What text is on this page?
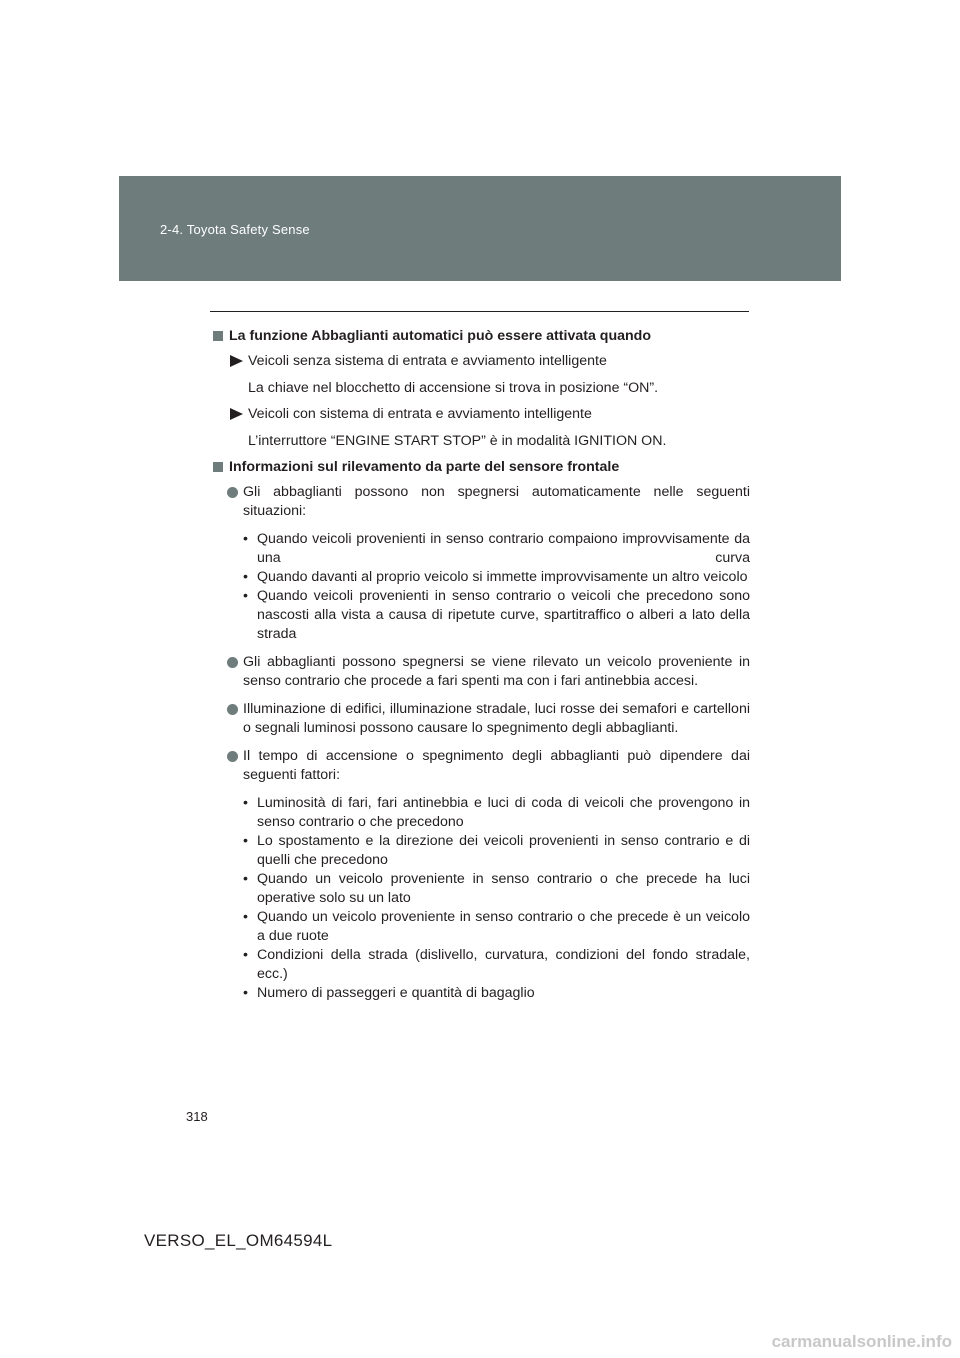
2-4. Toyota Safety Sense
La funzione Abbaglianti automatici può essere attivata quando
Veicoli senza sistema di entrata e avviamento intelligente
La chiave nel blocchetto di accensione si trova in posizione “ON”.
Veicoli con sistema di entrata e avviamento intelligente
L’interruttore “ENGINE START STOP” è in modalità IGNITION ON.
Informazioni sul rilevamento da parte del sensore frontale
Gli abbaglianti possono non spegnersi automaticamente nelle seguenti situazioni:
• Quando veicoli provenienti in senso contrario compaiono improvvisamente da una curva
• Quando davanti al proprio veicolo si immette improvvisamente un altro veicolo
• Quando veicoli provenienti in senso contrario o veicoli che precedono sono nascosti alla vista a causa di ripetute curve, spartitraffico o alberi a lato della strada
Gli abbaglianti possono spegnersi se viene rilevato un veicolo proveniente in senso contrario che procede a fari spenti ma con i fari antinebbia accesi.
Illuminazione di edifici, illuminazione stradale, luci rosse dei semafori e cartelloni o segnali luminosi possono causare lo spegnimento degli abbaglianti.
Il tempo di accensione o spegnimento degli abbaglianti può dipendere dai seguenti fattori:
• Luminosità di fari, fari antinebbia e luci di coda di veicoli che provengono in senso contrario o che precedono
• Lo spostamento e la direzione dei veicoli provenienti in senso contrario e di quelli che precedono
• Quando un veicolo proveniente in senso contrario o che precede ha luci operative solo su un lato
• Quando un veicolo proveniente in senso contrario o che precede è un veicolo a due ruote
• Condizioni della strada (dislivello, curvatura, condizioni del fondo stradale, ecc.)
• Numero di passeggeri e quantità di bagaglio
318
VERSO_EL_OM64594L
carmanualsonline.info
